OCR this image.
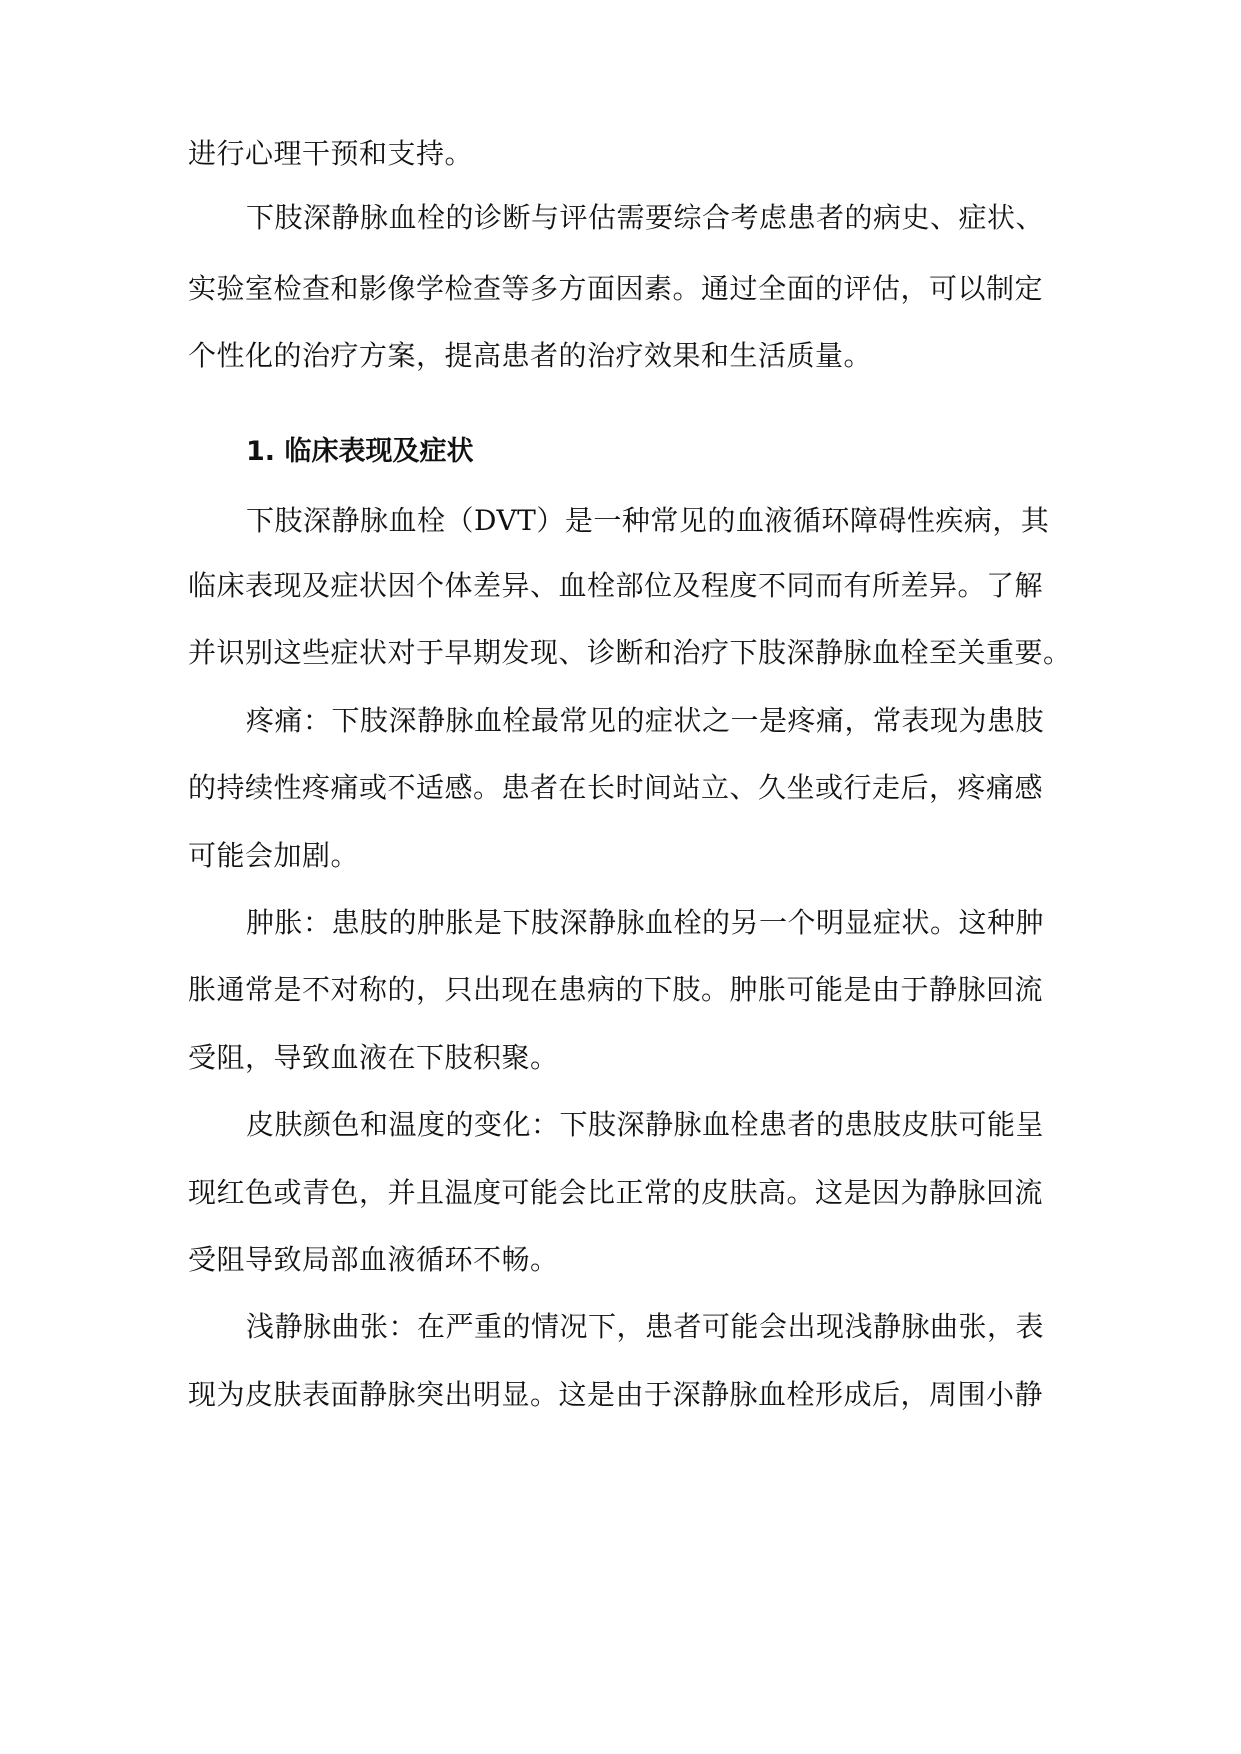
进行心理干预和支持。
下肢深静脉血栓的诊断与评估需要综合考虑患者的病史、症状、
实验室检查和影像学检查等多方面因素。通过全面的评估，可以制定
个性化的治疗方案，提高患者的治疗效果和生活质量。
1. 临床表现及症状
下肢深静脉血栓（DVT）是一种常见的血液循环障碍性疾病，其
临床表现及症状因个体差异、血栓部位及程度不同而有所差异。了解
并识别这些症状对于早期发现、诊断和治疗下肢深静脉血栓至关重要。
疼痛：下肢深静脉血栓最常见的症状之一是疼痛，常表现为患肢
的持续性疼痛或不适感。患者在长时间站立、久坐或行走后，疼痛感
可能会加剧。
肿胀：患肢的肿胀是下肢深静脉血栓的另一个明显症状。这种肿
胀通常是不对称的，只出现在患病的下肢。肿胀可能是由于静脉回流
受阻，导致血液在下肢积聚。
皮肤颜色和温度的变化：下肢深静脉血栓患者的患肢皮肤可能呈
现红色或青色，并且温度可能会比正常的皮肤高。这是因为静脉回流
受阻导致局部血液循环不畅。
浅静脉曲张：在严重的情况下，患者可能会出现浅静脉曲张，表
现为皮肤表面静脉突出明显。这是由于深静脉血栓形成后，周围小静
